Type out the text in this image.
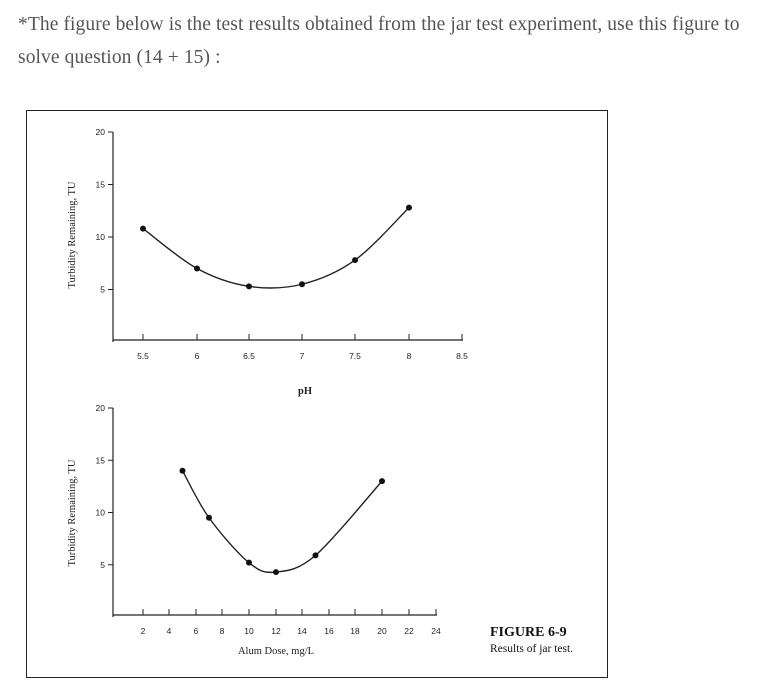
*The figure below is the test results obtained from the jar test experiment, use this figure to solve question (14 + 15) :
5
10
15
20
5.5	6	6.5	7	7.5	8	8.5
Turbidity Remaining, TU
pH
5
10
15
20
2	4	6	8 10 12 14 16 18 20 22 24
Turbidity Remaining, TU
Alum Dose, mg/L
FIGURE 6-9
Results of jar test.
